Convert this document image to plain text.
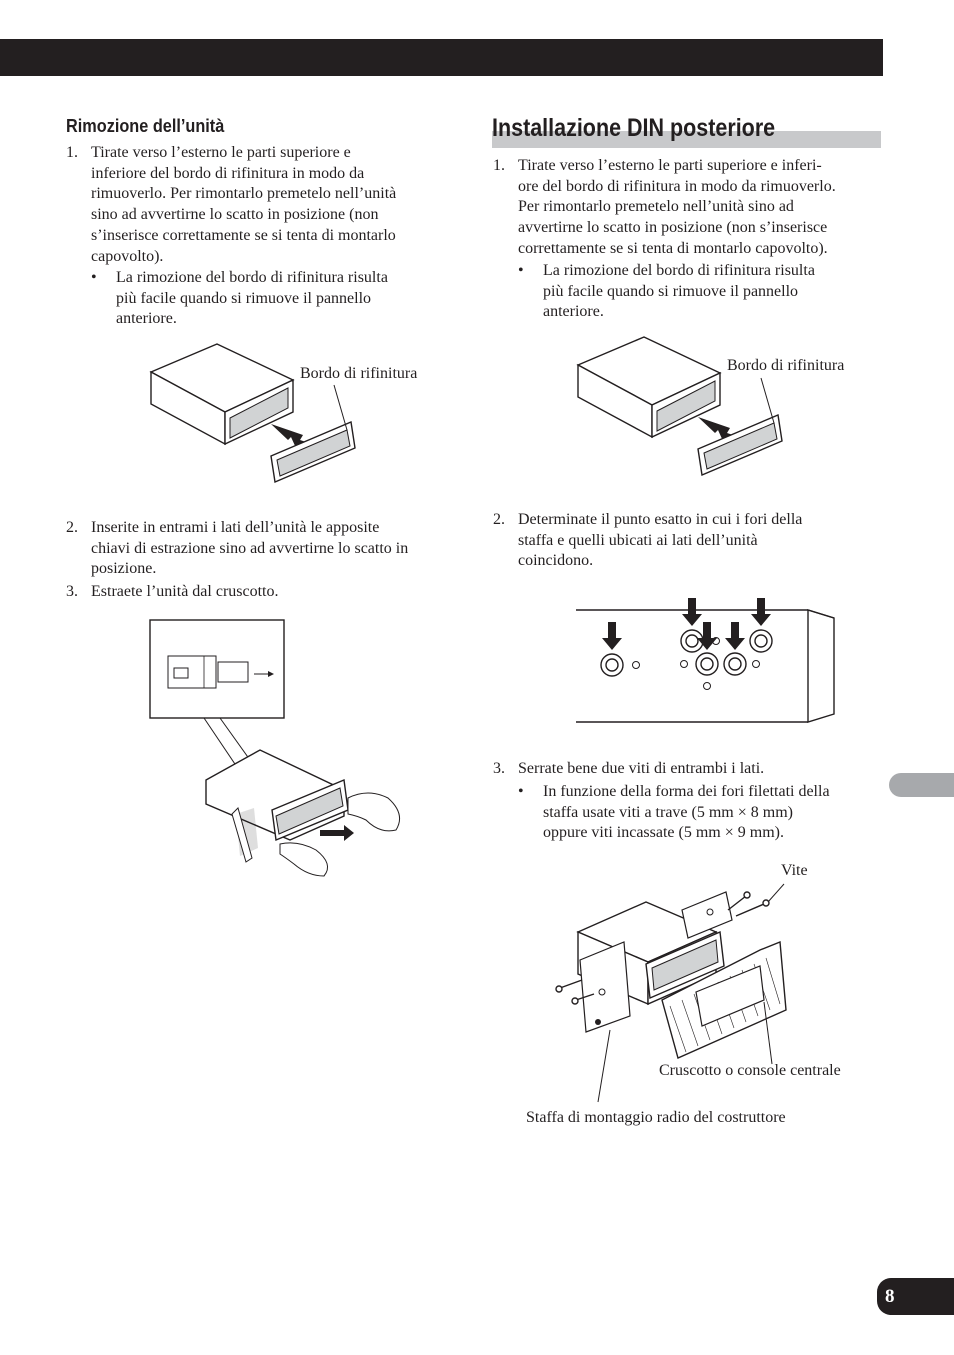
Rimozione dell’unità
1. Tirate verso l’esterno le parti superiore e
inferiore del bordo di rifinitura in modo da
rimuoverlo. Per rimontarlo premetelo nell’unità
sino ad avvertirne lo scatto in posizione (non
s’inserisce correttamente se si tenta di montarlo
capovolto).
• La rimozione del bordo di rifinitura risulta
più facile quando si rimuove il pannello
anteriore.
Bordo di rifinitura
2. Inserite in entrami i lati dell’unità le apposite
chiavi di estrazione sino ad avvertirne lo scatto in
posizione.
3. Estraete l’unità dal cruscotto.
Installazione DIN posteriore
1. Tirate verso l’esterno le parti superiore e inferi-
ore del bordo di rifinitura in modo da rimuoverlo.
Per rimontarlo premetelo nell’unità sino ad
avvertirne lo scatto in posizione (non s’inserisce
correttamente se si tenta di montarlo capovolto).
• La rimozione del bordo di rifinitura risulta
più facile quando si rimuove il pannello
anteriore.
Bordo di rifinitura
2. Determinate il punto esatto in cui i fori della
staffa e quelli ubicati ai lati dell’unità
coincidono.
3. Serrate bene due viti di entrambi i lati.
• In funzione della forma dei fori filettati della
staffa usate viti a trave (5 mm × 8 mm)
oppure viti incassate (5 mm × 9 mm).
Vite
Cruscotto o console centrale
Staffa di montaggio radio del costruttore
8
